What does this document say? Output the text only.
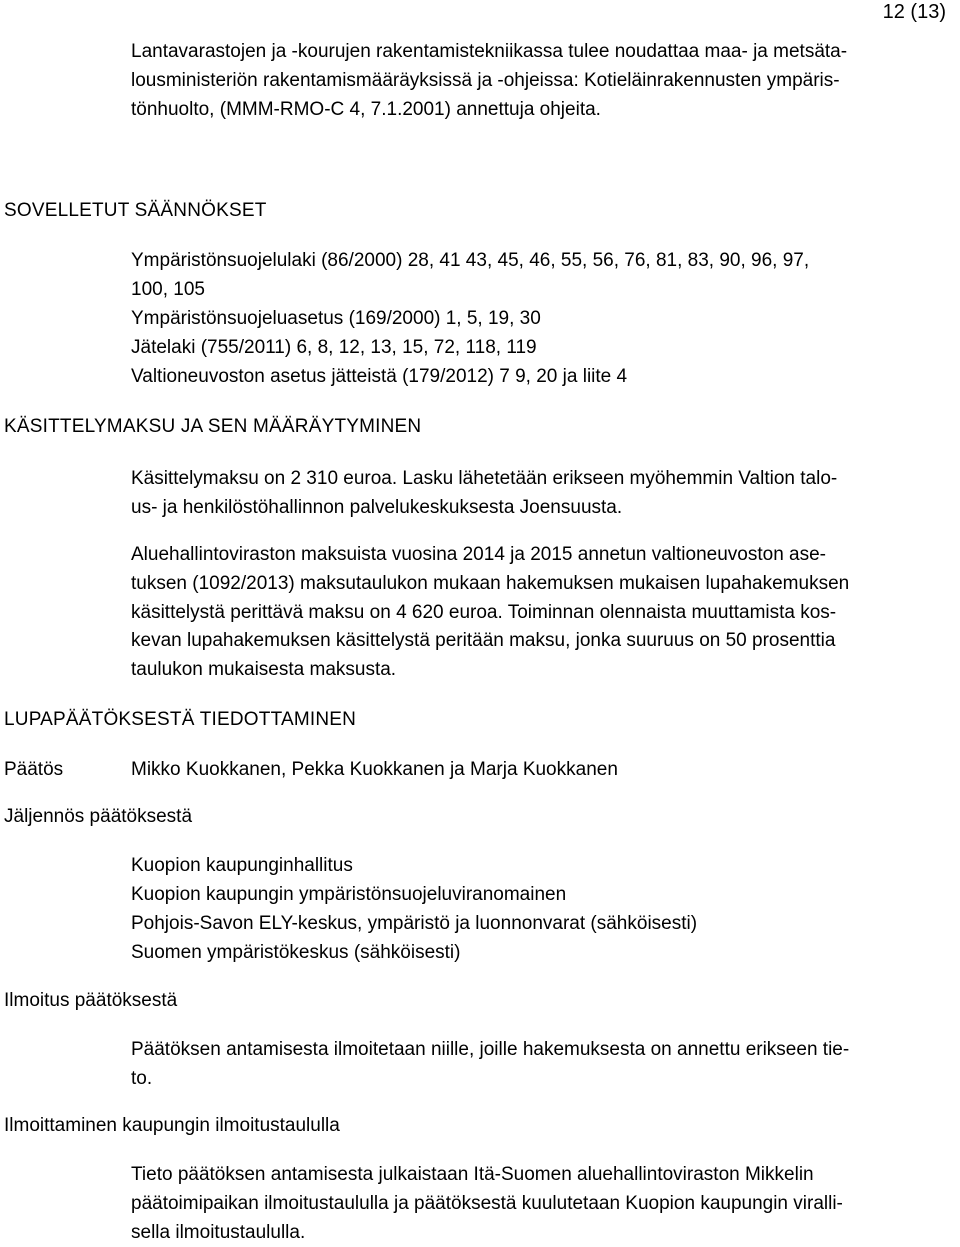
12 (13)
Lantavarastojen ja -kourujen rakentamistekniikassa tulee noudattaa maa- ja metsäta-
lousministeriön rakentamismääräyksissä ja -ohjeissa: Kotieläinrakennusten ympäris-
tönhuolto, (MMM-RMO-C 4, 7.1.2001) annettuja ohjeita.
SOVELLETUT SÄÄNNÖKSET
Ympäristönsuojelulaki (86/2000) 28, 41 43, 45, 46, 55, 56, 76, 81, 83, 90, 96, 97,
100, 105
Ympäristönsuojeluasetus (169/2000) 1, 5, 19, 30
Jätelaki (755/2011) 6, 8, 12, 13, 15, 72, 118, 119
Valtioneuvoston asetus jätteistä (179/2012) 7 9, 20 ja liite 4
KÄSITTELYMAKSU JA SEN MÄÄRÄYTYMINEN
Käsittelymaksu on 2 310 euroa. Lasku lähetetään erikseen myöhemmin Valtion talo-
us- ja henkilöstöhallinnon palvelukeskuksesta Joensuusta.
Aluehallintoviraston maksuista vuosina 2014 ja 2015 annetun valtioneuvoston ase-
tuksen (1092/2013) maksutaulukon mukaan hakemuksen mukaisen lupahakemuksen
käsittelystä perittävä maksu on 4 620 euroa. Toiminnan olennaista muuttamista kos-
kevan lupahakemuksen käsittelystä peritään maksu, jonka suuruus on 50 prosenttia
taulukon mukaisesta maksusta.
LUPAPÄÄTÖKSESTÄ TIEDOTTAMINEN
Päätös	Mikko Kuokkanen, Pekka Kuokkanen ja Marja Kuokkanen
Jäljennös päätöksestä
Kuopion kaupunginhallitus
Kuopion kaupungin ympäristönsuojeluviranomainen
Pohjois-Savon ELY-keskus, ympäristö ja luonnonvarat (sähköisesti)
Suomen ympäristökeskus (sähköisesti)
Ilmoitus päätöksestä
Päätöksen antamisesta ilmoitetaan niille, joille hakemuksesta on annettu erikseen tie-
to.
Ilmoittaminen kaupungin ilmoitustaululla
Tieto päätöksen antamisesta julkaistaan Itä-Suomen aluehallintoviraston Mikkelin
päätoimipaikan ilmoitustaululla ja päätöksestä kuulutetaan Kuopion kaupungin viralli-
sella ilmoitustaululla.
